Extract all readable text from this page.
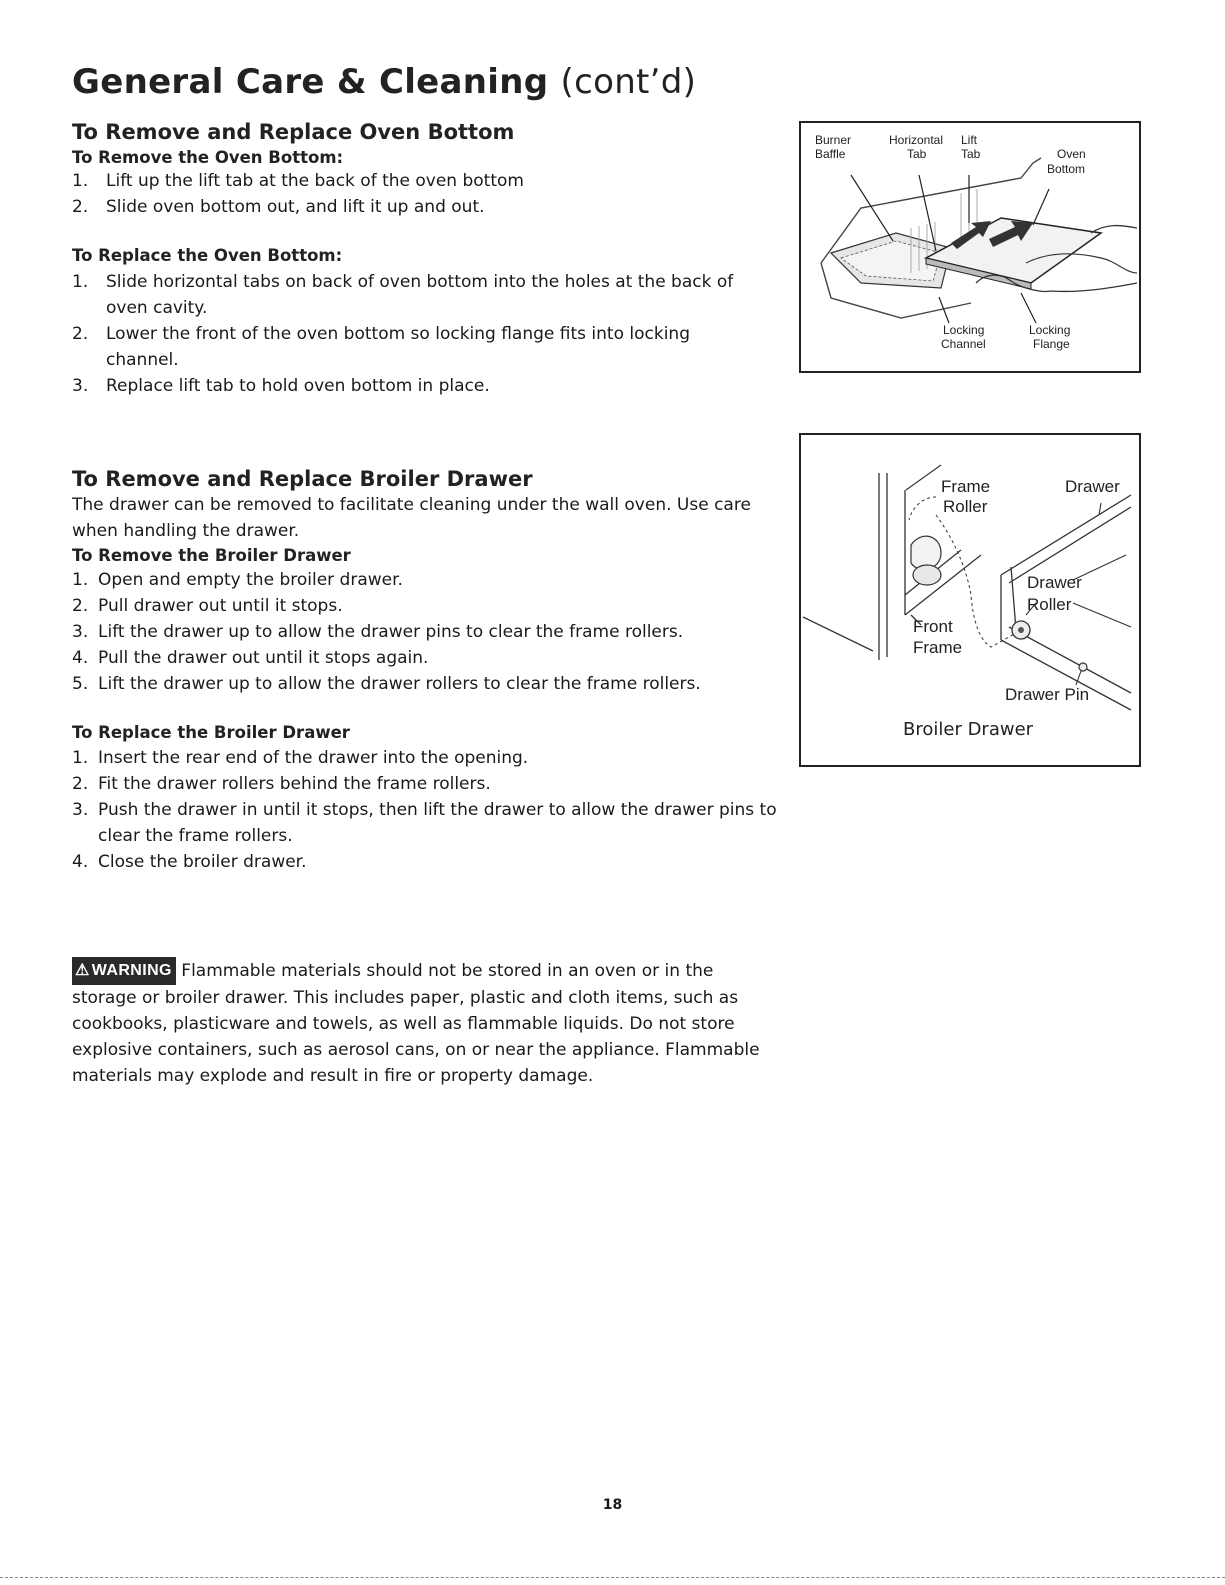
General Care & Cleaning (cont’d)
To Remove and Replace Oven Bottom
To Remove the Oven Bottom:
1. Lift up the lift tab at the back of the oven bottom
2. Slide oven bottom out, and lift it up and out.
To Replace the Oven Bottom:
1. Slide horizontal tabs on back of oven bottom into the holes at the back of oven cavity.
2. Lower the front of the oven bottom so locking flange fits into locking channel.
3. Replace lift tab to hold oven bottom in place.
To Remove and Replace Broiler Drawer

The drawer can be removed to facilitate cleaning under the wall oven. Use care when handling the drawer.

To Remove the Broiler Drawer
1. Open and empty the broiler drawer.
2. Pull drawer out until it stops.
3. Lift the drawer up to allow the drawer pins to clear the frame rollers.
4. Pull the drawer out until it stops again.
5. Lift the drawer up to allow the drawer rollers to clear the frame rollers.
To Replace the Broiler Drawer
1. Insert the rear end of the drawer into the opening.
2. Fit the drawer rollers behind the frame rollers.
3. Push the drawer in until it stops, then lift the drawer to allow the drawer pins to clear the frame rollers.
4. Close the broiler drawer.

⚠ WARNING Flammable materials should not be stored in an oven or in the storage or broiler drawer. This includes paper, plastic and cloth items, such as cookbooks, plasticware and towels, as well as flammable liquids. Do not store explosive containers, such as aerosol cans, on or near the appliance. Flammable materials may explode and result in fire or property damage.

Burner
Baffle
Horizontal
Tab
Lift
Tab	Oven
Bottom
Locking
Channel
Locking
Flange
Frame
Roller
Drawer
Drawer
Roller
Front
Frame
Drawer Pin
Broiler Drawer
18
